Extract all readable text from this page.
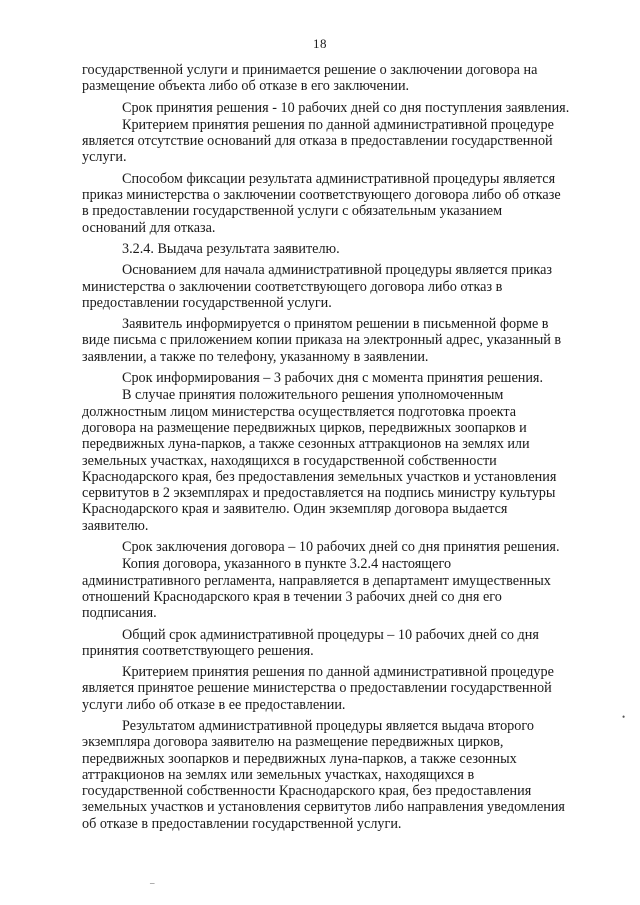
18

государственной услуги и принимается решение о заключении договора на
размещение объекта либо об отказе в его заключении.

Срок принятия решения - 10 рабочих дней со дня поступления заявления.

Критерием принятия решения по данной административной процедуре
является отсутствие оснований для отказа в предоставлении государственной
услуги.

Способом фиксации результата административной процедуры является
приказ министерства о заключении соответствующего договора либо об отказе
в предоставлении государственной услуги с обязательным указанием
оснований для отказа.

3.2.4. Выдача результата заявителю.

Основанием для начала административной процедуры является приказ
министерства о заключении соответствующего договора либо отказ в
предоставлении государственной услуги.

Заявитель информируется о принятом решении в письменной форме в
виде письма с приложением копии приказа на электронный адрес, указанный в
заявлении, а также по телефону, указанному в заявлении.

Срок информирования – 3 рабочих дня с момента принятия решения.

В случае принятия положительного решения уполномоченным
должностным лицом министерства осуществляется подготовка проекта
договора на размещение передвижных цирков, передвижных зоопарков и
передвижных луна-парков, а также сезонных аттракционов на землях или
земельных участках, находящихся в государственной собственности
Краснодарского края, без предоставления земельных участков и установления
сервитутов в 2 экземплярах и предоставляется на подпись министру культуры
Краснодарского края и заявителю. Один экземпляр договора выдается
заявителю.

Срок заключения договора – 10 рабочих дней со дня принятия решения.

Копия договора, указанного в пункте 3.2.4 настоящего
административного регламента, направляется в департамент имущественных
отношений Краснодарского края в течении 3 рабочих дней со дня его
подписания.

Общий срок административной процедуры – 10 рабочих дней со дня
принятия соответствующего решения.

Критерием принятия решения по данной административной процедуре
является принятое решение министерства о предоставлении государственной
услуги либо об отказе в ее предоставлении.

Результатом административной процедуры является выдача второго
экземпляра договора заявителю на размещение передвижных цирков,
передвижных зоопарков и передвижных луна-парков, а также сезонных
аттракционов на землях или земельных участках, находящихся в
государственной собственности Краснодарского края, без предоставления
земельных участков и установления сервитутов либо направления уведомления
об отказе в предоставлении государственной услуги.

•
–
